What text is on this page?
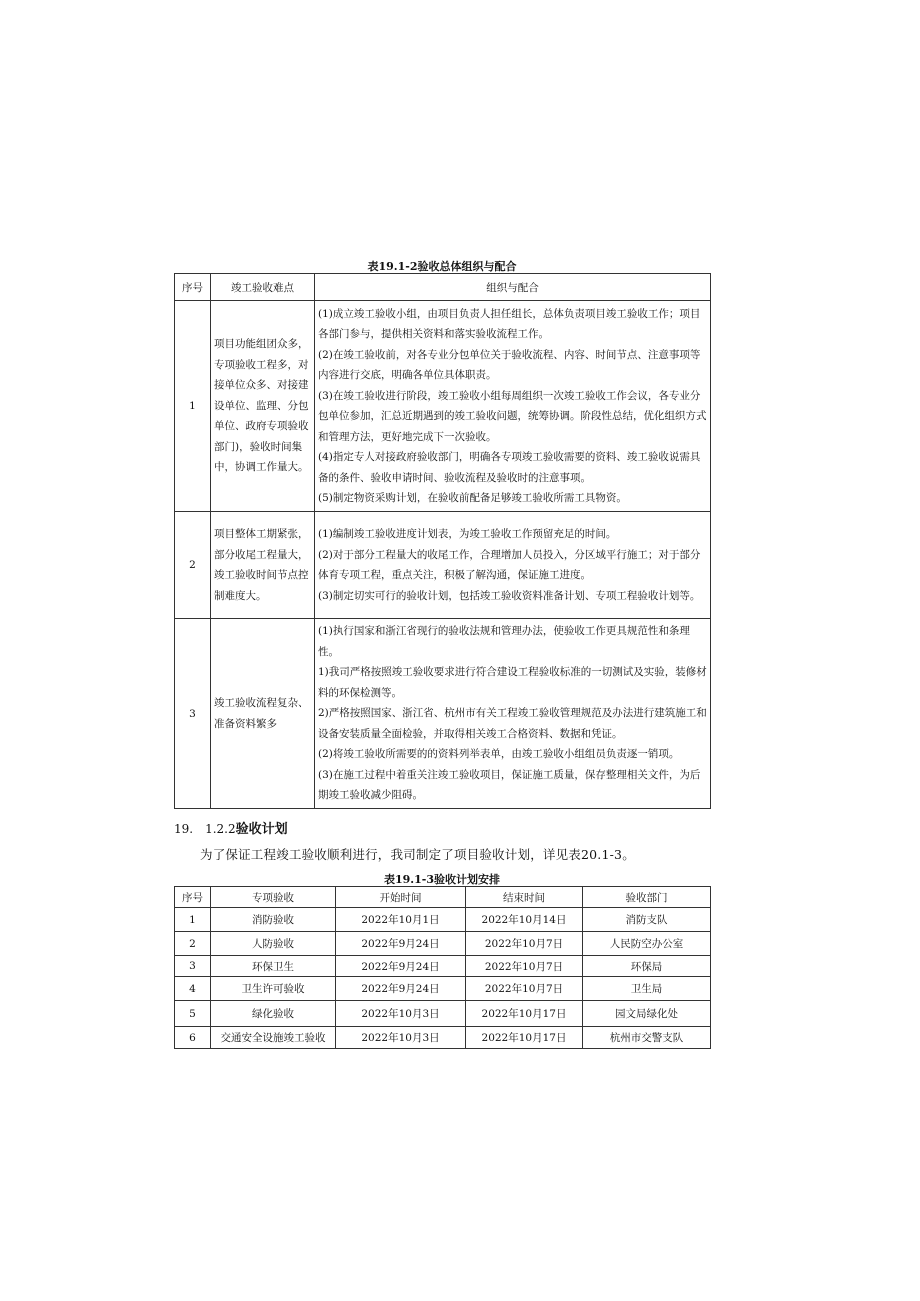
表19.1-2验收总体组织与配合
序号	竣工验收难点	组织与配合
1	项目功能组团众多，专项验收工程多，对接单位众多、对接建设单位、监理、分包单位、政府专项验收部门)，验收时间集中，协调工作量大。	(1)成立竣工验收小组，由项目负责人担任组长，总体负责项目竣工验收工作；项目各部门参与，提供相关资料和落实验收流程工作。

(2)在竣工验收前，对各专业分包单位关于验收流程、内容、时间节点、注意事项等内容进行交底，明确各单位具体职责。

(3)在竣工验收进行阶段，竣工验收小组每周组织一次竣工验收工作会议，各专业分包单位参加，汇总近期遇到的竣工验收问题，统筹协调。阶段性总结，优化组织方式和管理方法，更好地完成下一次验收。

(4)指定专人对接政府验收部门，明确各专项竣工验收需要的资料、竣工验收说需具备的条件、验收申请时间、验收流程及验收时的注意事项。

(5)制定物资采购计划，在验收前配备足够竣工验收所需工具物资。

2	项目整体工期紧张，部分收尾工程量大，竣工验收时间节点控制难度大。	(1)编制竣工验收进度计划表，为竣工验收工作预留充足的时间。

(2)对于部分工程量大的收尾工作，合理增加人员投入，分区域平行施工；对于部分体育专项工程，重点关注，积极了解沟通，保证施工进度。

(3)制定切实可行的验收计划，包括竣工验收资料准备计划、专项工程验收计划等。

3	竣工验收流程复杂、准备资料繁多	(1)执行国家和浙江省现行的验收法规和管理办法，使验收工作更具规范性和条理性。

1)我司严格按照竣工验收要求进行符合建设工程验收标准的一切测试及实验，装修材料的环保检测等。

2)严格按照国家、浙江省、杭州市有关工程竣工验收管理规范及办法进行建筑施工和设备安装质量全面检验，并取得相关竣工合格资料、数据和凭证。

(2)将竣工验收所需要的的资料列举表单，由竣工验收小组组员负责逐一销项。

(3)在施工过程中着重关注竣工验收项目，保证施工质量，保存整理相关文件，为后期竣工验收减少阻碍。

19.　1.2.2验收计划
为了保证工程竣工验收顺利进行，我司制定了项目验收计划，详见表20.1-3。
表19.1-3验收计划安排
序号	专项验收	开始时间	结束时间	验收部门
1	消防验收	2022年10月1日	2022年10月14日	消防支队
2	人防验收	2022年9月24日	2022年10月7日	人民防空办公室
3	环保卫生	2022年9月24日	2022年10月7日	环保局
4	卫生许可验收	2022年9月24日	2022年10月7日	卫生局
5	绿化验收	2022年10月3日	2022年10月17日	园文局绿化处
6	交通安全设施竣工验收	2022年10月3日	2022年10月17日	杭州市交警支队
